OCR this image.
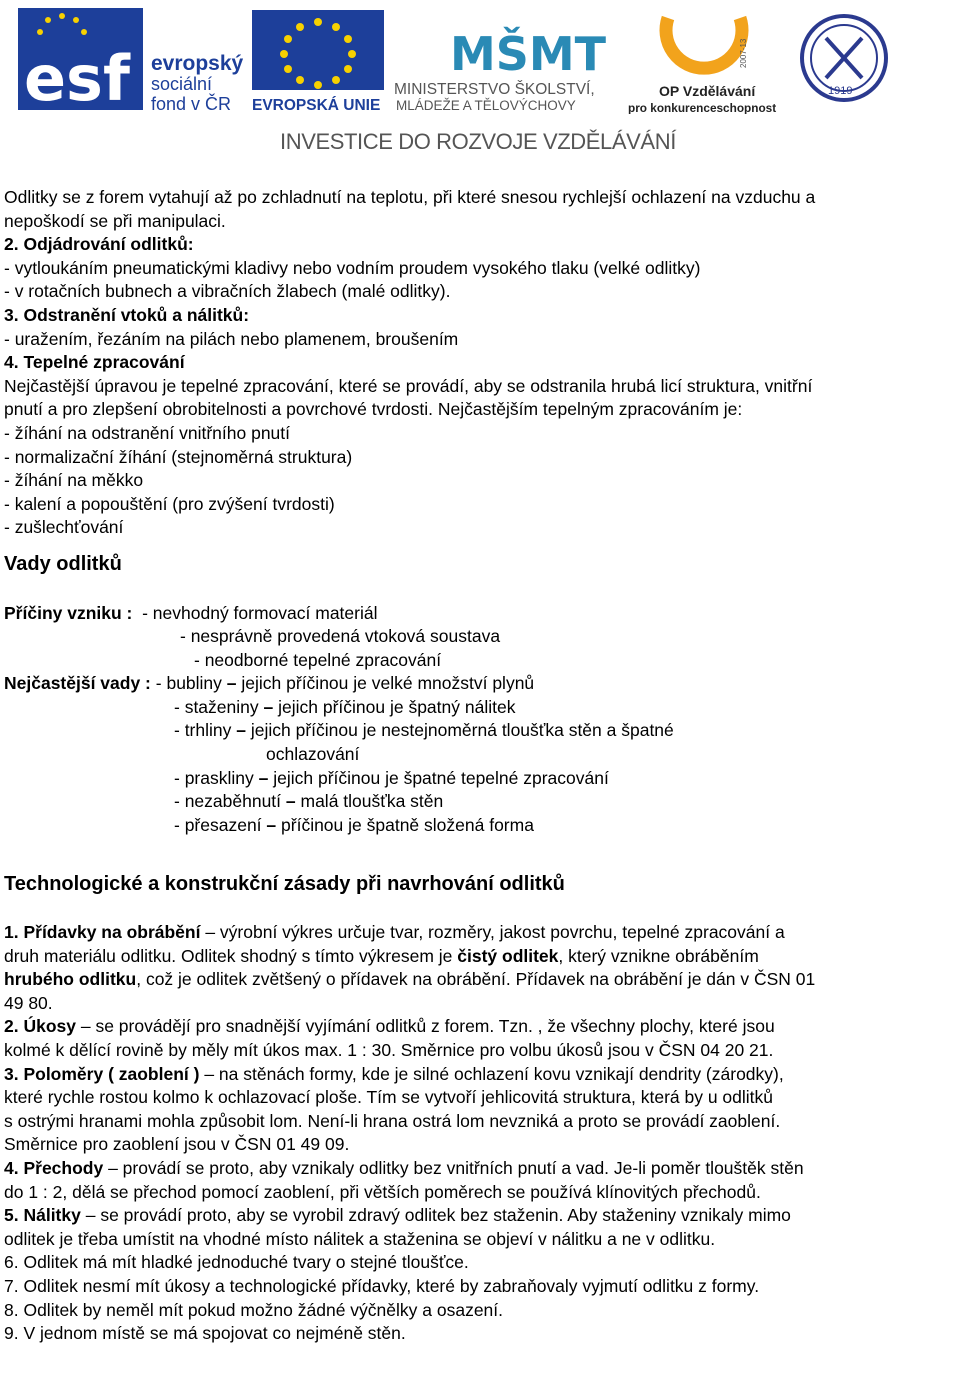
esf evropský
sociální
fond v ČR EVROPSKÁ UNIE
MŠMT
MINISTERSTVO ŠKOLSTVÍ,
MLÁDEŽE A TĚLOVÝCHOVY
2007-13
OP Vzdělávání
pro konkurenceschopnost
1919
INVESTICE DO ROZVOJE VZDĚLÁVÁNÍ

Odlitky se z forem vytahují až po zchladnutí na teplotu, při které snesou rychlejší ochlazení na vzduchu a

nepoškodí se při manipulaci.

2. Odjádrování odlitků:

- vytloukáním pneumatickými kladivy nebo vodním proudem vysokého tlaku (velké odlitky)

- v rotačních bubnech a vibračních žlabech (malé odlitky).

3. Odstranění vtoků a nálitků:

- uražením, řezáním na pilách nebo plamenem, broušením

4. Tepelné zpracování

Nejčastější úpravou je tepelné zpracování, které se provádí, aby se odstranila hrubá licí struktura, vnitřní

pnutí a pro zlepšení obrobitelnosti a povrchové tvrdosti. Nejčastějším tepelným zpracováním je:

- žíhání na odstranění vnitřního pnutí

- normalizační žíhání (stejnoměrná struktura)

- žíhání na měkko

- kalení a popouštění (pro zvýšení tvrdosti)

- zušlechťování

Vady odlitků
Příčiny vzniku : - nevhodný formovací materiál
- nesprávně provedená vtoková soustava
- neodborné tepelné zpracování
Nejčastější vady : - bubliny – jejich příčinou je velké množství plynů
- staženiny – jejich příčinou je špatný nálitek
- trhliny – jejich příčinou je nestejnoměrná tloušťka stěn a špatné
ochlazování
- praskliny – jejich příčinou je špatné tepelné zpracování
- nezaběhnutí – malá tloušťka stěn
- přesazení – příčinou je špatně složená forma
Technologické a konstrukční zásady při navrhování odlitků

1. Přídavky na obrábění – výrobní výkres určuje tvar, rozměry, jakost povrchu, tepelné zpracování a

druh materiálu odlitku. Odlitek shodný s tímto výkresem je čistý odlitek, který vznikne obráběním

hrubého odlitku, což je odlitek zvětšený o přídavek na obrábění. Přídavek na obrábění je dán v ČSN 01

49 80.

2. Úkosy – se provádějí pro snadnější vyjímání odlitků z forem. Tzn. , že všechny plochy, které jsou

kolmé k dělící rovině by měly mít úkos max. 1 : 30. Směrnice pro volbu úkosů jsou v ČSN 04 20 21.

3. Poloměry ( zaoblení ) – na stěnách formy, kde je silné ochlazení kovu vznikají dendrity (zárodky),

které rychle rostou kolmo k ochlazovací ploše. Tím se vytvoří jehlicovitá struktura, která by u odlitků

s ostrými hranami mohla způsobit lom. Není-li hrana ostrá lom nevzniká a proto se provádí zaoblení.

Směrnice pro zaoblení jsou v ČSN 01 49 09.

4. Přechody – provádí se proto, aby vznikaly odlitky bez vnitřních pnutí a vad. Je-li poměr tlouštěk stěn

do 1 : 2, dělá se přechod pomocí zaoblení, při větších poměrech se používá klínovitých přechodů.

5. Nálitky – se provádí proto, aby se vyrobil zdravý odlitek bez staženin. Aby staženiny vznikaly mimo

odlitek je třeba umístit na vhodné místo nálitek a staženina se objeví v nálitku a ne v odlitku.

6. Odlitek má mít hladké jednoduché tvary o stejné tloušťce.

7. Odlitek nesmí mít úkosy a technologické přídavky, které by zabraňovaly vyjmutí odlitku z formy.

8. Odlitek by neměl mít pokud možno žádné výčnělky a osazení.

9. V jednom místě se má spojovat co nejméně stěn.
